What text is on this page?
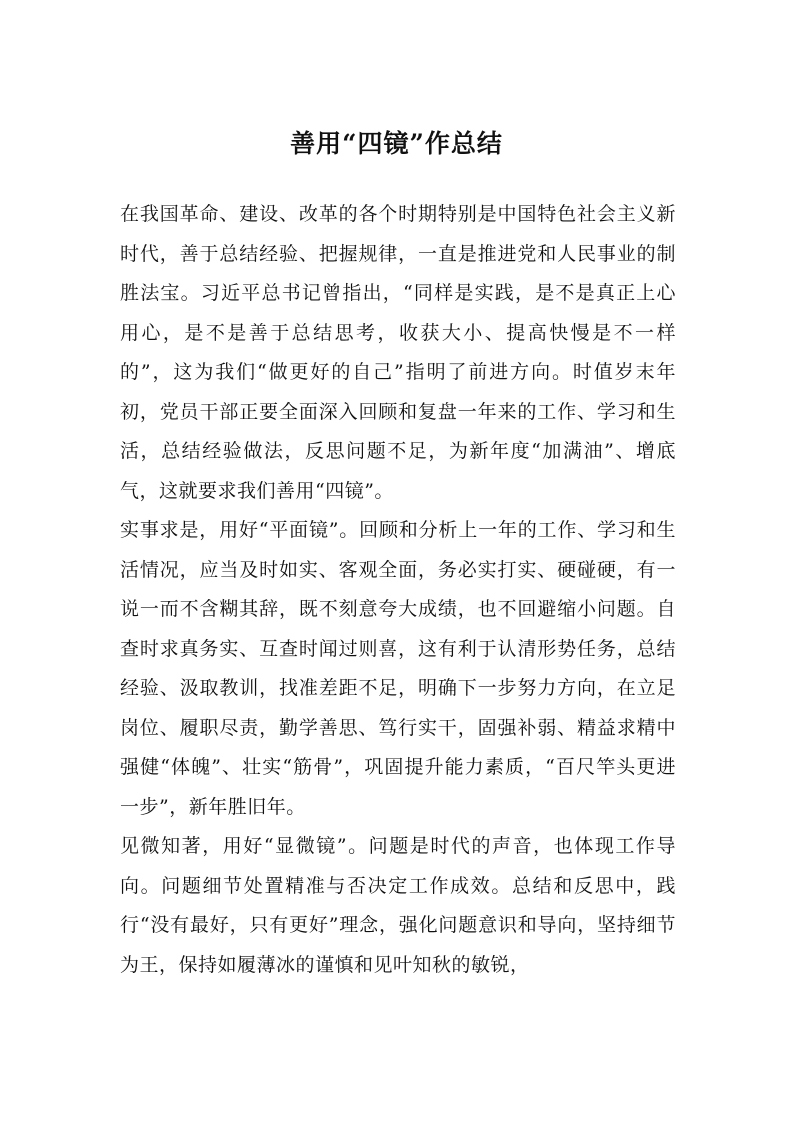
善用“四镜”作总结

在我国革命、建设、改革的各个时期特别是中国特色社会主义新时代，善于总结经验、把握规律，一直是推进党和人民事业的制胜法宝。习近平总书记曾指出，“同样是实践，是不是真正上心用心，是不是善于总结思考，收获大小、提高快慢是不一样的”，这为我们“做更好的自己”指明了前进方向。时值岁末年初，党员干部正要全面深入回顾和复盘一年来的工作、学习和生活，总结经验做法，反思问题不足，为新年度“加满油”、增底气，这就要求我们善用“四镜”。

实事求是，用好“平面镜”。回顾和分析上一年的工作、学习和生活情况，应当及时如实、客观全面，务必实打实、硬碰硬，有一说一而不含糊其辞，既不刻意夸大成绩，也不回避缩小问题。自查时求真务实、互查时闻过则喜，这有利于认清形势任务，总结经验、汲取教训，找准差距不足，明确下一步努力方向，在立足岗位、履职尽责，勤学善思、笃行实干，固强补弱、精益求精中强健“体魄”、壮实“筋骨”，巩固提升能力素质，“百尺竿头更进一步”，新年胜旧年。

见微知著，用好“显微镜”。问题是时代的声音，也体现工作导向。问题细节处置精准与否决定工作成效。总结和反思中，践行“没有最好，只有更好”理念，强化问题意识和导向，坚持细节为王，保持如履薄冰的谨慎和见叶知秋的敏锐，
